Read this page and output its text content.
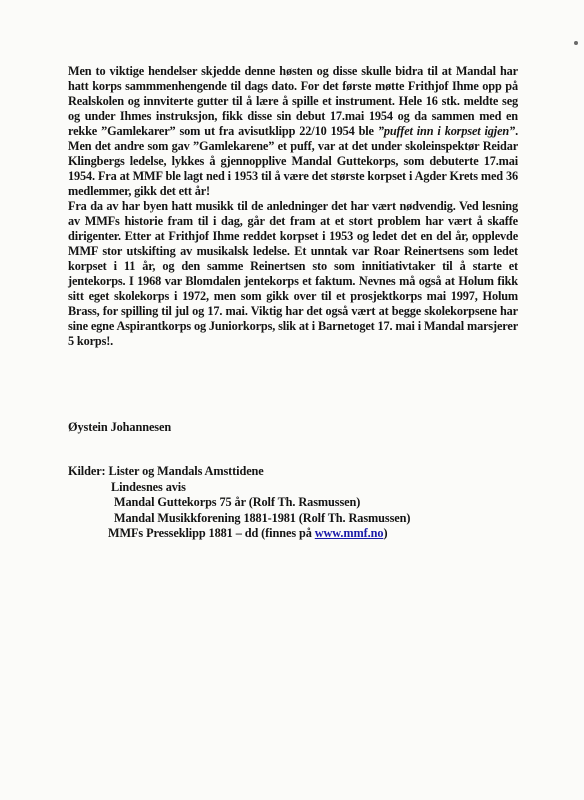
Men to viktige hendelser skjedde denne høsten og disse skulle bidra til at Mandal har hatt korps sammmenhengende til dags dato. For det første møtte Frithjof Ihme opp på Realskolen og innviterte gutter til å lære å spille et instrument. Hele 16 stk. meldte seg og under Ihmes instruksjon, fikk disse sin debut 17.mai 1954 og da sammen med en rekke ”Gamlekarer” som ut fra avisutklipp 22/10 1954 ble ”puffet inn i korpset igjen”. Men det andre som gav ”Gamlekarene” et puff, var at det under skoleinspektør Reidar Klingbergs ledelse, lykkes å gjennopplive Mandal Guttekorps, som debuterte 17.mai 1954. Fra at MMF ble lagt ned i 1953 til å være det største korpset i Agder Krets med 36 medlemmer, gikk det ett år!

Fra da av har byen hatt musikk til de anledninger det har vært nødvendig. Ved lesning av MMFs historie fram til i dag, går det fram at et stort problem har vært å skaffe dirigenter. Etter at Frithjof Ihme reddet korpset i 1953 og ledet det en del år, opplevde MMF stor utskifting av musikalsk ledelse. Et unntak var Roar Reinertsens som ledet korpset i 11 år, og den samme Reinertsen sto som innitiativtaker til å starte et jentekorps. I 1968 var Blomdalen jentekorps et faktum. Nevnes må også at Holum fikk sitt eget skolekorps i 1972, men som gikk over til et prosjektkorps mai 1997, Holum Brass, for spilling til jul og 17. mai. Viktig har det også vært at begge skolekorpsene har sine egne Aspirantkorps og Juniorkorps, slik at i Barnetoget 17. mai i Mandal marsjerer 5 korps!.

Øystein Johannesen
Kilder: Lister og Mandals Amsttidene
Lindesnes avis
Mandal Guttekorps 75 år (Rolf Th. Rasmussen)
Mandal Musikkforening 1881-1981 (Rolf Th. Rasmussen)
MMFs Presseklipp 1881 – dd (finnes på www.mmf.no)
